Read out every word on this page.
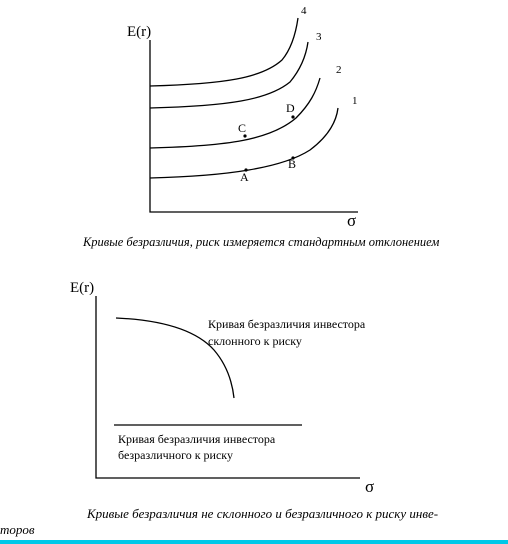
E(r)
σ
4
3
2
1
A
B
C
D
Кривые безразличия, риск измеряется стандартным отклонением
E(r)
σ
Кривая безразличия инвестора
склонного к риску
Кривая безразличия инвестора
безразличного к риску
Кривые безразличия не склонного и безразличного к риску инве-
торов
